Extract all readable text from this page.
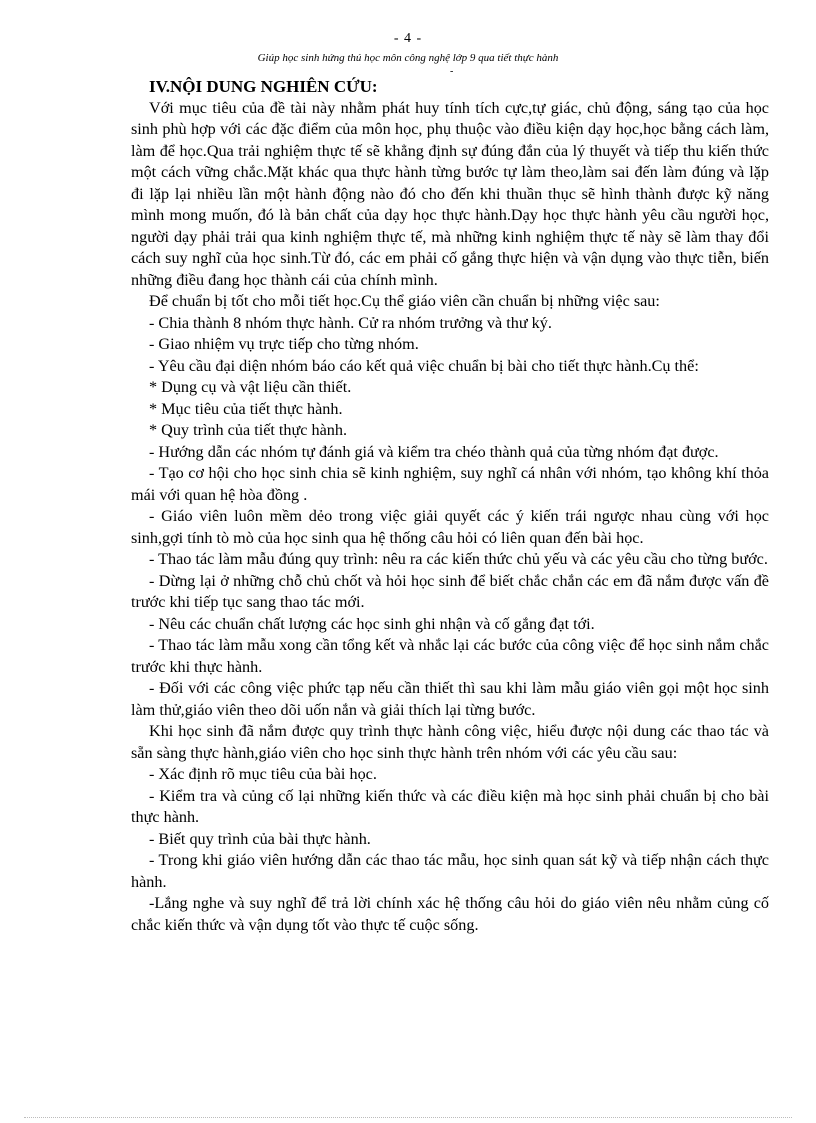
- 4 -
Giúp học sinh hứng thú học môn công nghệ lớp 9 qua tiết thực hành
-

IV.NỘI DUNG NGHIÊN CỨU:

Với mục tiêu của đề tài này nhằm phát huy tính tích cực,tự giác, chủ động, sáng tạo của học sinh phù hợp với các đặc điểm của môn học, phụ thuộc vào điều kiện dạy học,học bằng cách làm, làm để học.Qua trải nghiệm thực tế sẽ khẳng định sự đúng đắn của lý thuyết và tiếp thu kiến thức một cách vững chắc.Mặt khác qua thực hành từng bước tự làm theo,làm sai đến làm đúng và lặp đi lặp lại nhiều lần một hành động nào đó cho đến khi thuần thục sẽ hình thành được kỹ năng mình mong muốn, đó là bản chất của dạy học thực hành.Dạy học thực hành yêu cầu người học, người dạy phải trải qua kinh nghiệm thực tế, mà những kinh nghiệm thực tế này sẽ làm thay đổi cách suy nghĩ của học sinh.Từ đó, các em phải cố gắng thực hiện và vận dụng vào thực tiễn, biến những điều đang học thành cái của chính mình.

Để chuẩn bị tốt cho mỗi tiết học.Cụ thể giáo viên cần chuẩn bị những việc sau:

- Chia thành 8 nhóm thực hành. Cử ra nhóm trưởng và thư ký.

- Giao nhiệm vụ trực tiếp cho từng nhóm.

- Yêu cầu đại diện nhóm báo cáo kết quả việc chuẩn bị bài cho tiết thực hành.Cụ thể:

* Dụng cụ và vật liệu cần thiết.

* Mục tiêu của tiết thực hành.

* Quy trình của tiết thực hành.

- Hướng dẫn các nhóm tự đánh giá và kiểm tra chéo thành quả của từng nhóm đạt được.

- Tạo cơ hội cho học sinh chia sẽ kinh nghiệm, suy nghĩ cá nhân với nhóm, tạo không khí thỏa mái với quan hệ hòa đồng .

- Giáo viên luôn mềm dẻo trong việc giải quyết các ý kiến trái ngược nhau cùng với học sinh,gợi tính tò mò của học sinh qua hệ thống câu hỏi có liên quan đến bài học.

- Thao tác làm mẫu đúng quy trình: nêu ra các kiến thức chủ yếu và các yêu cầu cho từng bước.

- Dừng lại ở những chỗ chủ chốt và hỏi học sinh để biết chắc chắn các em đã nắm được vấn đề trước khi tiếp tục sang thao tác mới.

- Nêu các chuẩn chất lượng các học sinh ghi nhận và cố gắng đạt tới.

- Thao tác làm mẫu xong cần tổng kết và nhắc lại các bước của công việc để học sinh nắm chắc trước khi thực hành.

- Đối với các công việc phức tạp nếu cần thiết thì sau khi làm mẫu giáo viên gọi một học sinh làm thử,giáo viên theo dõi uốn nắn và giải thích lại từng bước.

Khi học sinh đã nắm được quy trình thực hành công việc, hiểu được nội dung các thao tác và sẵn sàng thực hành,giáo viên cho học sinh thực hành trên nhóm với các yêu cầu sau:

- Xác định rõ mục tiêu của bài học.

- Kiểm tra và củng cố lại những kiến thức và các điều kiện mà học sinh phải chuẩn bị cho bài thực hành.

- Biết quy trình của bài thực hành.

- Trong khi giáo viên hướng dẫn các thao tác mẫu, học sinh quan sát kỹ và tiếp nhận cách thực hành.

-Lắng nghe và suy nghĩ để trả lời chính xác hệ thống câu hỏi do giáo viên nêu nhằm củng cố chắc kiến thức và vận dụng tốt vào thực tế cuộc sống.
